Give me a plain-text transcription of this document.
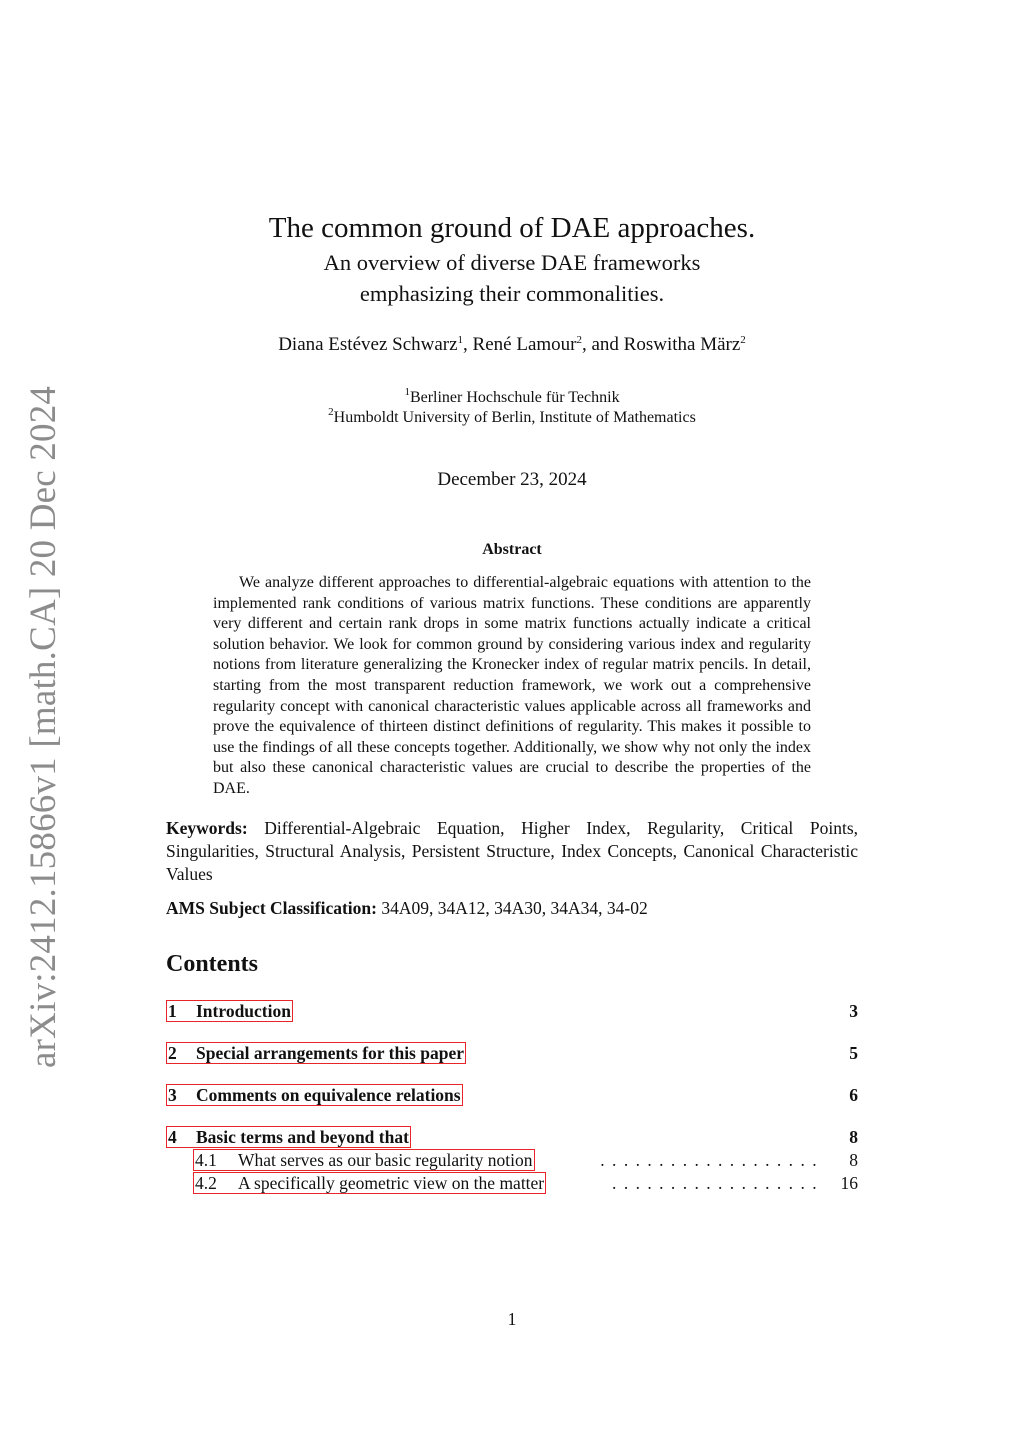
arXiv:2412.15866v1 [math.CA] 20 Dec 2024
The common ground of DAE approaches.
An overview of diverse DAE frameworks
emphasizing their commonalities.
Diana Estévez Schwarz$^1$, René Lamour$^2$, and Roswitha März$^2$
$^1$Berliner Hochschule für Technik
$^2$Humboldt University of Berlin, Institute of Mathematics
December 23, 2024
Abstract
We analyze different approaches to differential-algebraic equations with attention to the implemented rank conditions of various matrix functions. These conditions are apparently very different and certain rank drops in some matrix functions actually indicate a critical solution behavior. We look for common ground by considering various index and regularity notions from literature generalizing the Kronecker index of regular matrix pencils. In detail, starting from the most transparent reduction framework, we work out a comprehensive regularity concept with canonical characteristic values applicable across all frameworks and prove the equivalence of thirteen distinct definitions of regularity. This makes it possible to use the findings of all these concepts together. Additionally, we show why not only the index but also these canonical characteristic values are crucial to describe the properties of the DAE.
Keywords: Differential-Algebraic Equation, Higher Index, Regularity, Critical Points, Singularities, Structural Analysis, Persistent Structure, Index Concepts, Canonical Characteristic Values
AMS Subject Classification: 34A09, 34A12, 34A30, 34A34, 34-02
Contents
1 Introduction	3
2 Special arrangements for this paper	5
3 Comments on equivalence relations	6
4 Basic terms and beyond that	8
4.1 What serves as our basic regularity notion	................... 8
4.2 A specifically geometric view on the matter	.................. 16
1
